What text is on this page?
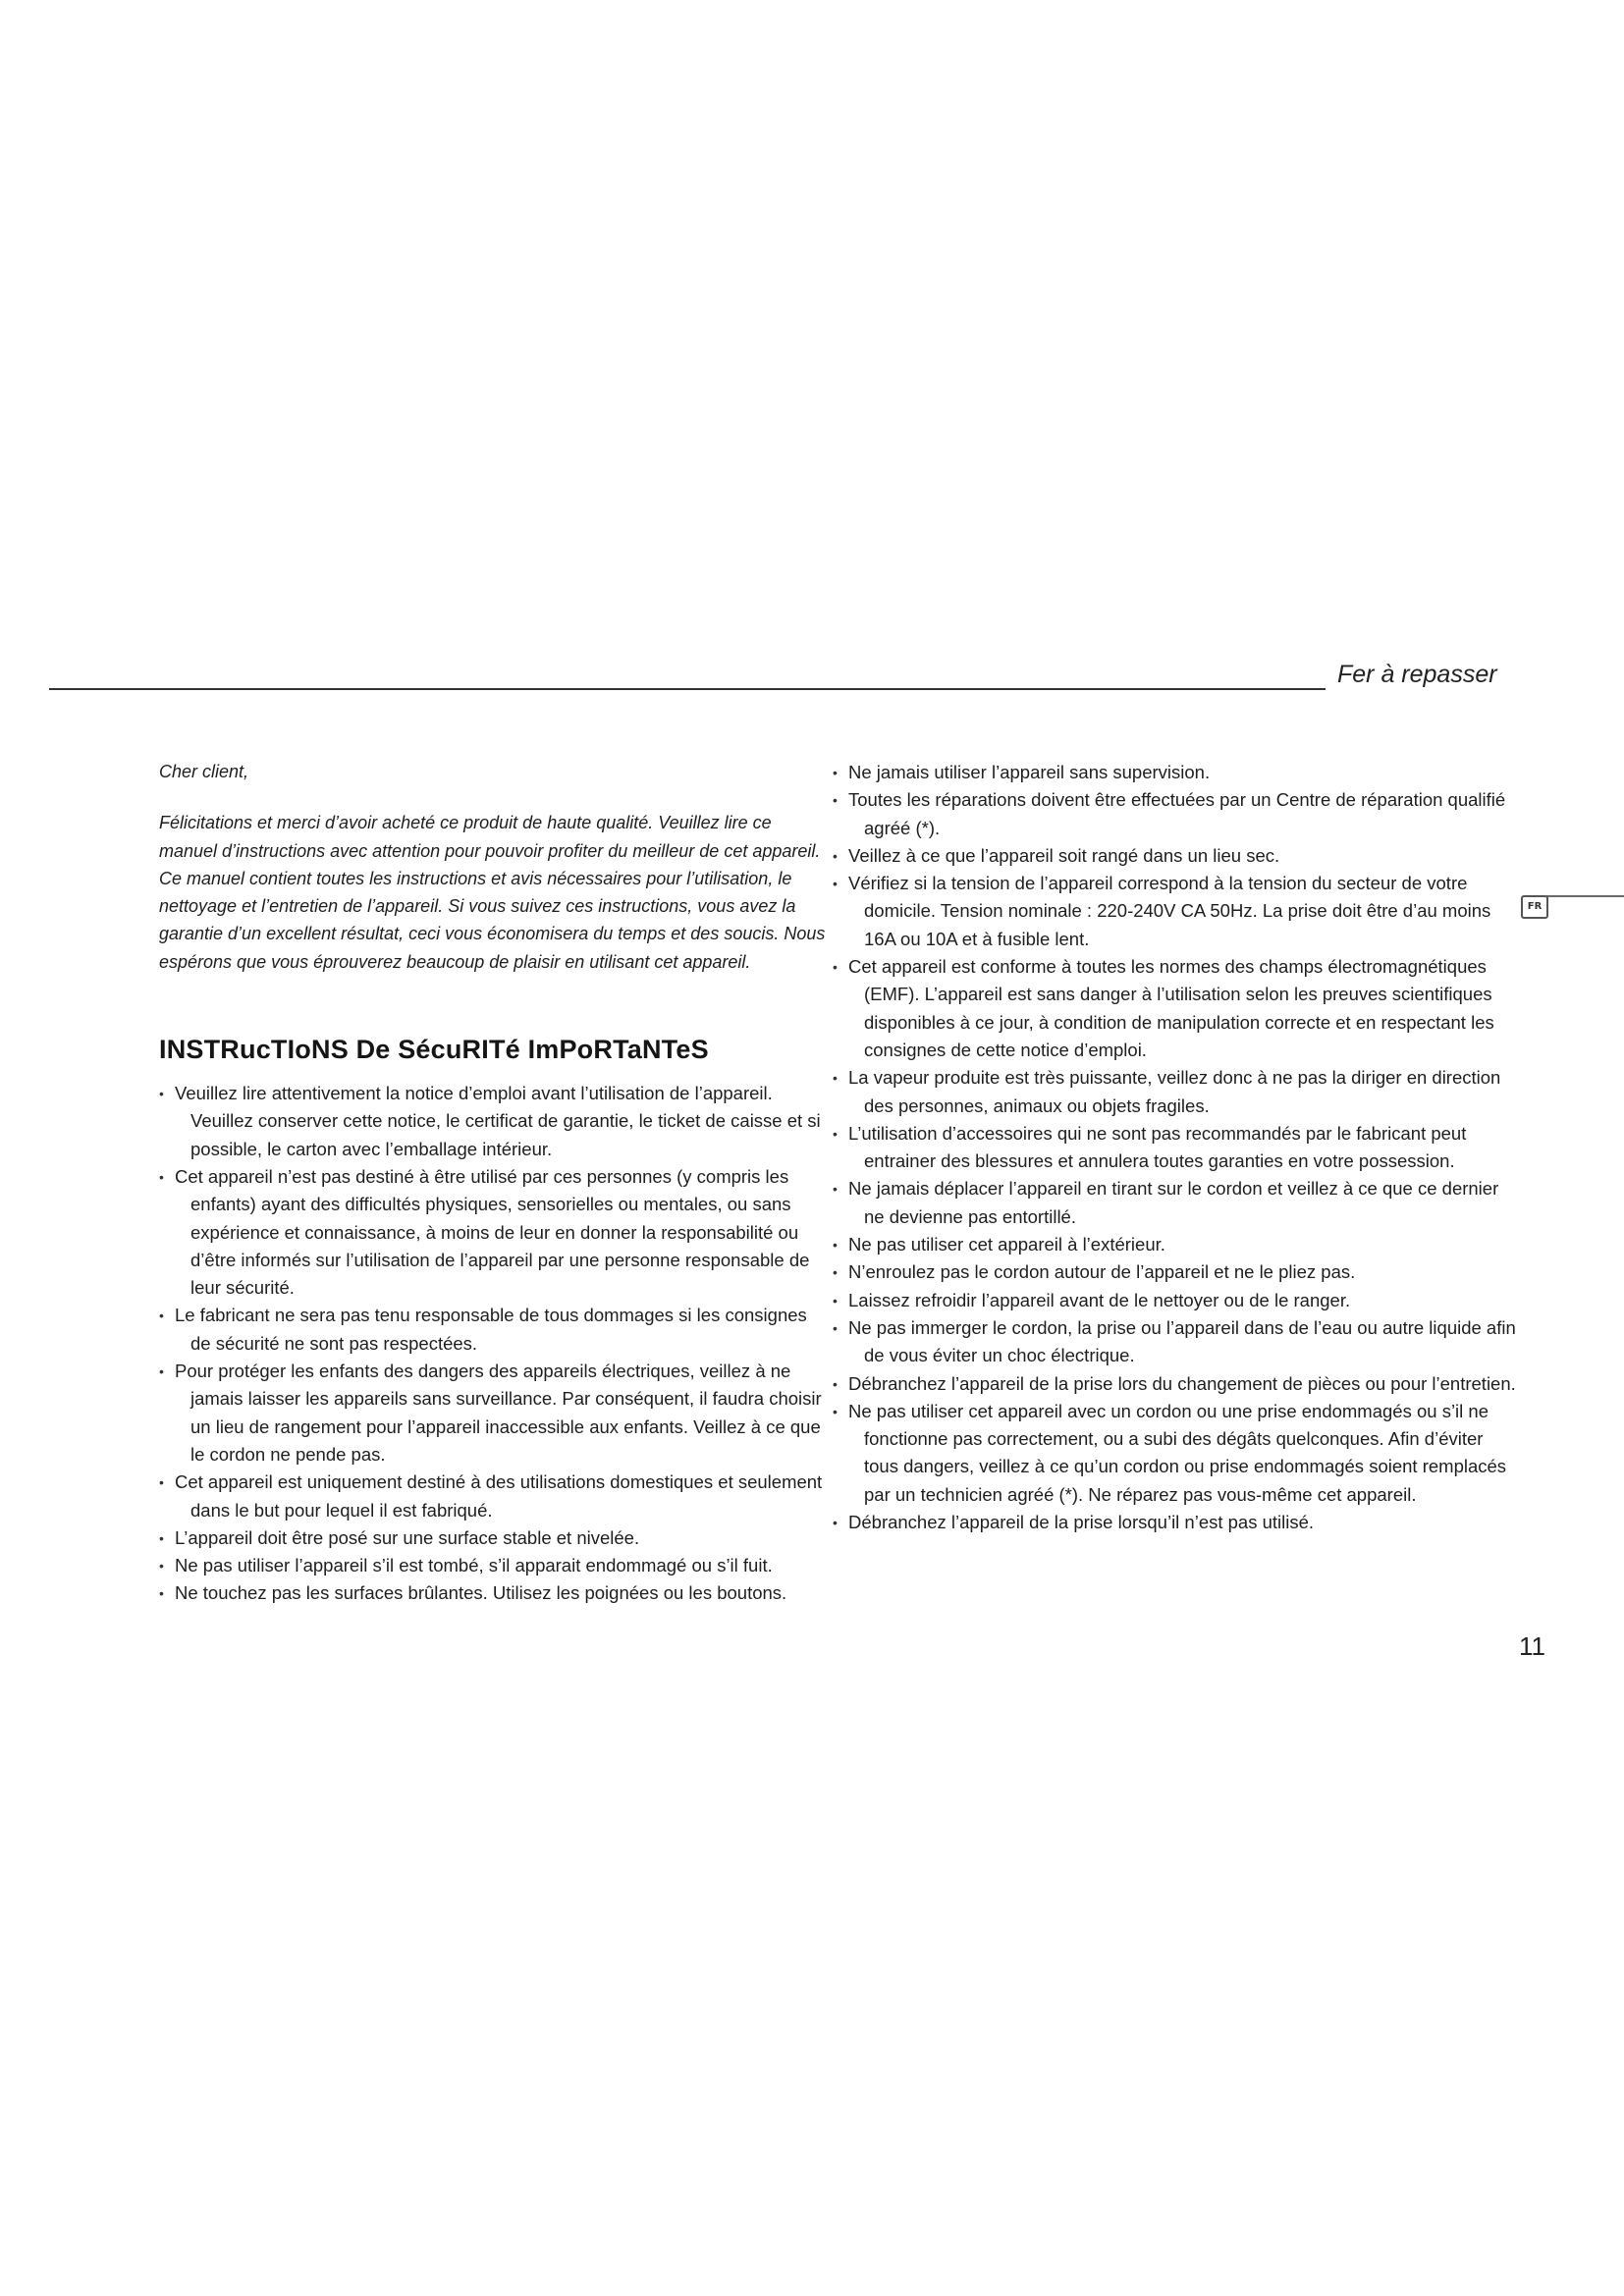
Fer à repasser
FR

Cher client,

Félicitations et merci d’avoir acheté ce produit de haute qualité. Veuillez lire ce manuel d’instructions avec attention pour pouvoir profiter du meilleur de cet appareil. Ce manuel contient toutes les instructions et avis nécessaires pour l’utilisation, le nettoyage et l’entretien de l’appareil. Si vous suivez ces instructions, vous avez la garantie d’un excellent résultat, ceci vous économisera du temps et des soucis. Nous espérons que vous éprouverez beaucoup de plaisir en utilisant cet appareil.

INSTRucTIoNS De SécuRITé ImPoRTaNTeS
• Veuillez lire attentivement la notice d’emploi avant l’utilisation de l’appareil. Veuillez conserver cette notice, le certificat de garantie, le ticket de caisse et si possible, le carton avec l’emballage intérieur.
• Cet appareil n’est pas destiné à être utilisé par ces personnes (y compris les enfants) ayant des difficultés physiques, sensorielles ou mentales, ou sans expérience et connaissance, à moins de leur en donner la responsabilité ou d’être informés sur l’utilisation de l’appareil par une personne responsable de leur sécurité.
• Le fabricant ne sera pas tenu responsable de tous dommages si les consignes de sécurité ne sont pas respectées.
• Pour protéger les enfants des dangers des appareils électriques, veillez à ne jamais laisser les appareils sans surveillance. Par conséquent, il faudra choisir un lieu de rangement pour l’appareil inaccessible aux enfants. Veillez à ce que le cordon ne pende pas.
• Cet appareil est uniquement destiné à des utilisations domestiques et seulement dans le but pour lequel il est fabriqué.
• L’appareil doit être posé sur une surface stable et nivelée.
• Ne pas utiliser l’appareil s’il est tombé, s’il apparait endommagé ou s’il fuit.
• Ne touchez pas les surfaces brûlantes. Utilisez les poignées ou les boutons.
• Ne jamais utiliser l’appareil sans supervision.
• Toutes les réparations doivent être effectuées par un Centre de réparation qualifié agréé (*).
• Veillez à ce que l’appareil soit rangé dans un lieu sec.
• Vérifiez si la tension de l’appareil correspond à la tension du secteur de votre domicile. Tension nominale : 220-240V CA 50Hz. La prise doit être d’au moins 16A ou 10A et à fusible lent.
• Cet appareil est conforme à toutes les normes des champs électromagnétiques (EMF). L’appareil est sans danger à l’utilisation selon les preuves scientifiques disponibles à ce jour, à condition de manipulation correcte et en respectant les consignes de cette notice d’emploi.
• La vapeur produite est très puissante, veillez donc à ne pas la diriger en direction des personnes, animaux ou objets fragiles.
• L’utilisation d’accessoires qui ne sont pas recommandés par le fabricant peut entrainer des blessures et annulera toutes garanties en votre possession.
• Ne jamais déplacer l’appareil en tirant sur le cordon et veillez à ce que ce dernier ne devienne pas entortillé.
• Ne pas utiliser cet appareil à l’extérieur.
• N’enroulez pas le cordon autour de l’appareil et ne le pliez pas.
• Laissez refroidir l’appareil avant de le nettoyer ou de le ranger.
• Ne pas immerger le cordon, la prise ou l’appareil dans de l’eau ou autre liquide afin de vous éviter un choc électrique.
• Débranchez l’appareil de la prise lors du changement de pièces ou pour l’entretien.
• Ne pas utiliser cet appareil avec un cordon ou une prise endommagés ou s’il ne fonctionne pas correctement, ou a subi des dégâts quelconques. Afin d’éviter tous dangers, veillez à ce qu’un cordon ou prise endommagés soient remplacés par un technicien agréé (*). Ne réparez pas vous-même cet appareil.
• Débranchez l’appareil de la prise lorsqu’il n’est pas utilisé.
11
